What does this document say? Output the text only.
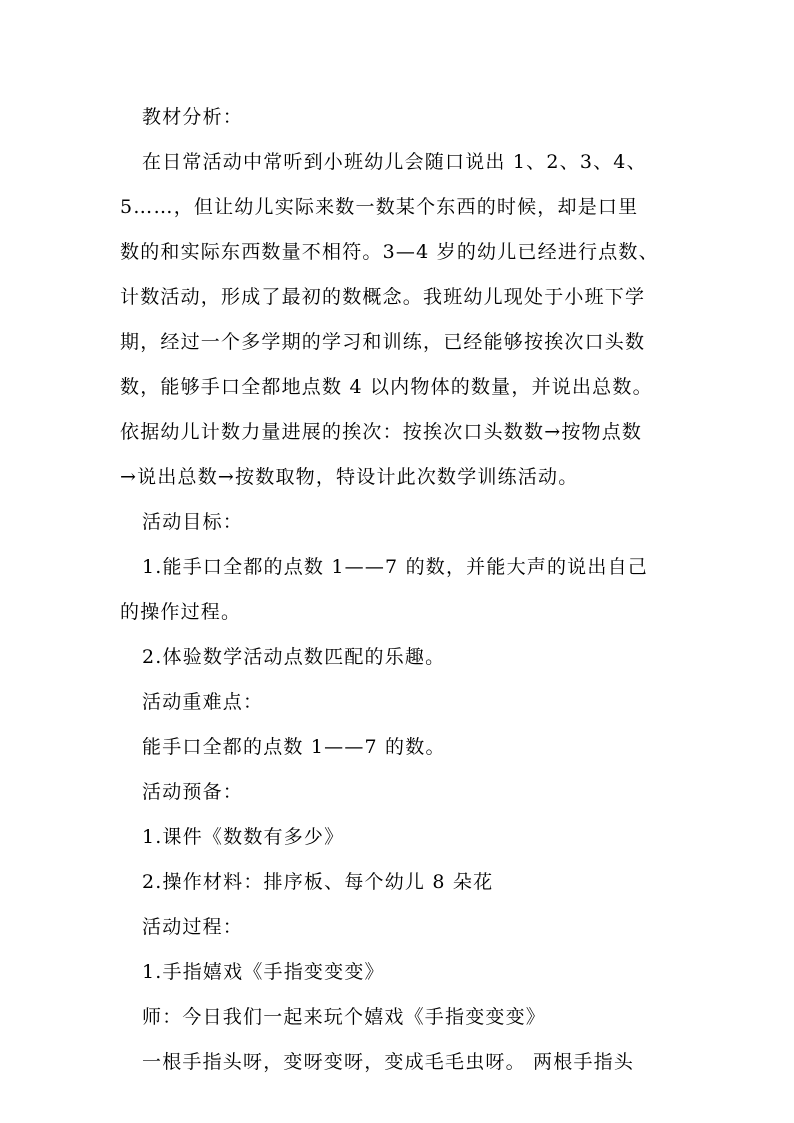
教材分析：
在日常活动中常听到小班幼儿会随口说出 1、2、3、4、
5……，但让幼儿实际来数一数某个东西的时候，却是口里
数的和实际东西数量不相符。3—4 岁的幼儿已经进行点数、
计数活动，形成了最初的数概念。我班幼儿现处于小班下学
期，经过一个多学期的学习和训练，已经能够按挨次口头数
数，能够手口全都地点数 4 以内物体的数量，并说出总数。
依据幼儿计数力量进展的挨次：按挨次口头数数→按物点数
→说出总数→按数取物，特设计此次数学训练活动。
活动目标：
1.能手口全都的点数 1——7 的数，并能大声的说出自己
的操作过程。
2.体验数学活动点数匹配的乐趣。
活动重难点：
能手口全都的点数 1——7 的数。
活动预备：
1.课件《数数有多少》
2.操作材料：排序板、每个幼儿 8 朵花
活动过程：
1.手指嬉戏《手指变变变》
师：今日我们一起来玩个嬉戏《手指变变变》
一根手指头呀，变呀变呀，变成毛毛虫呀。 两根手指头
